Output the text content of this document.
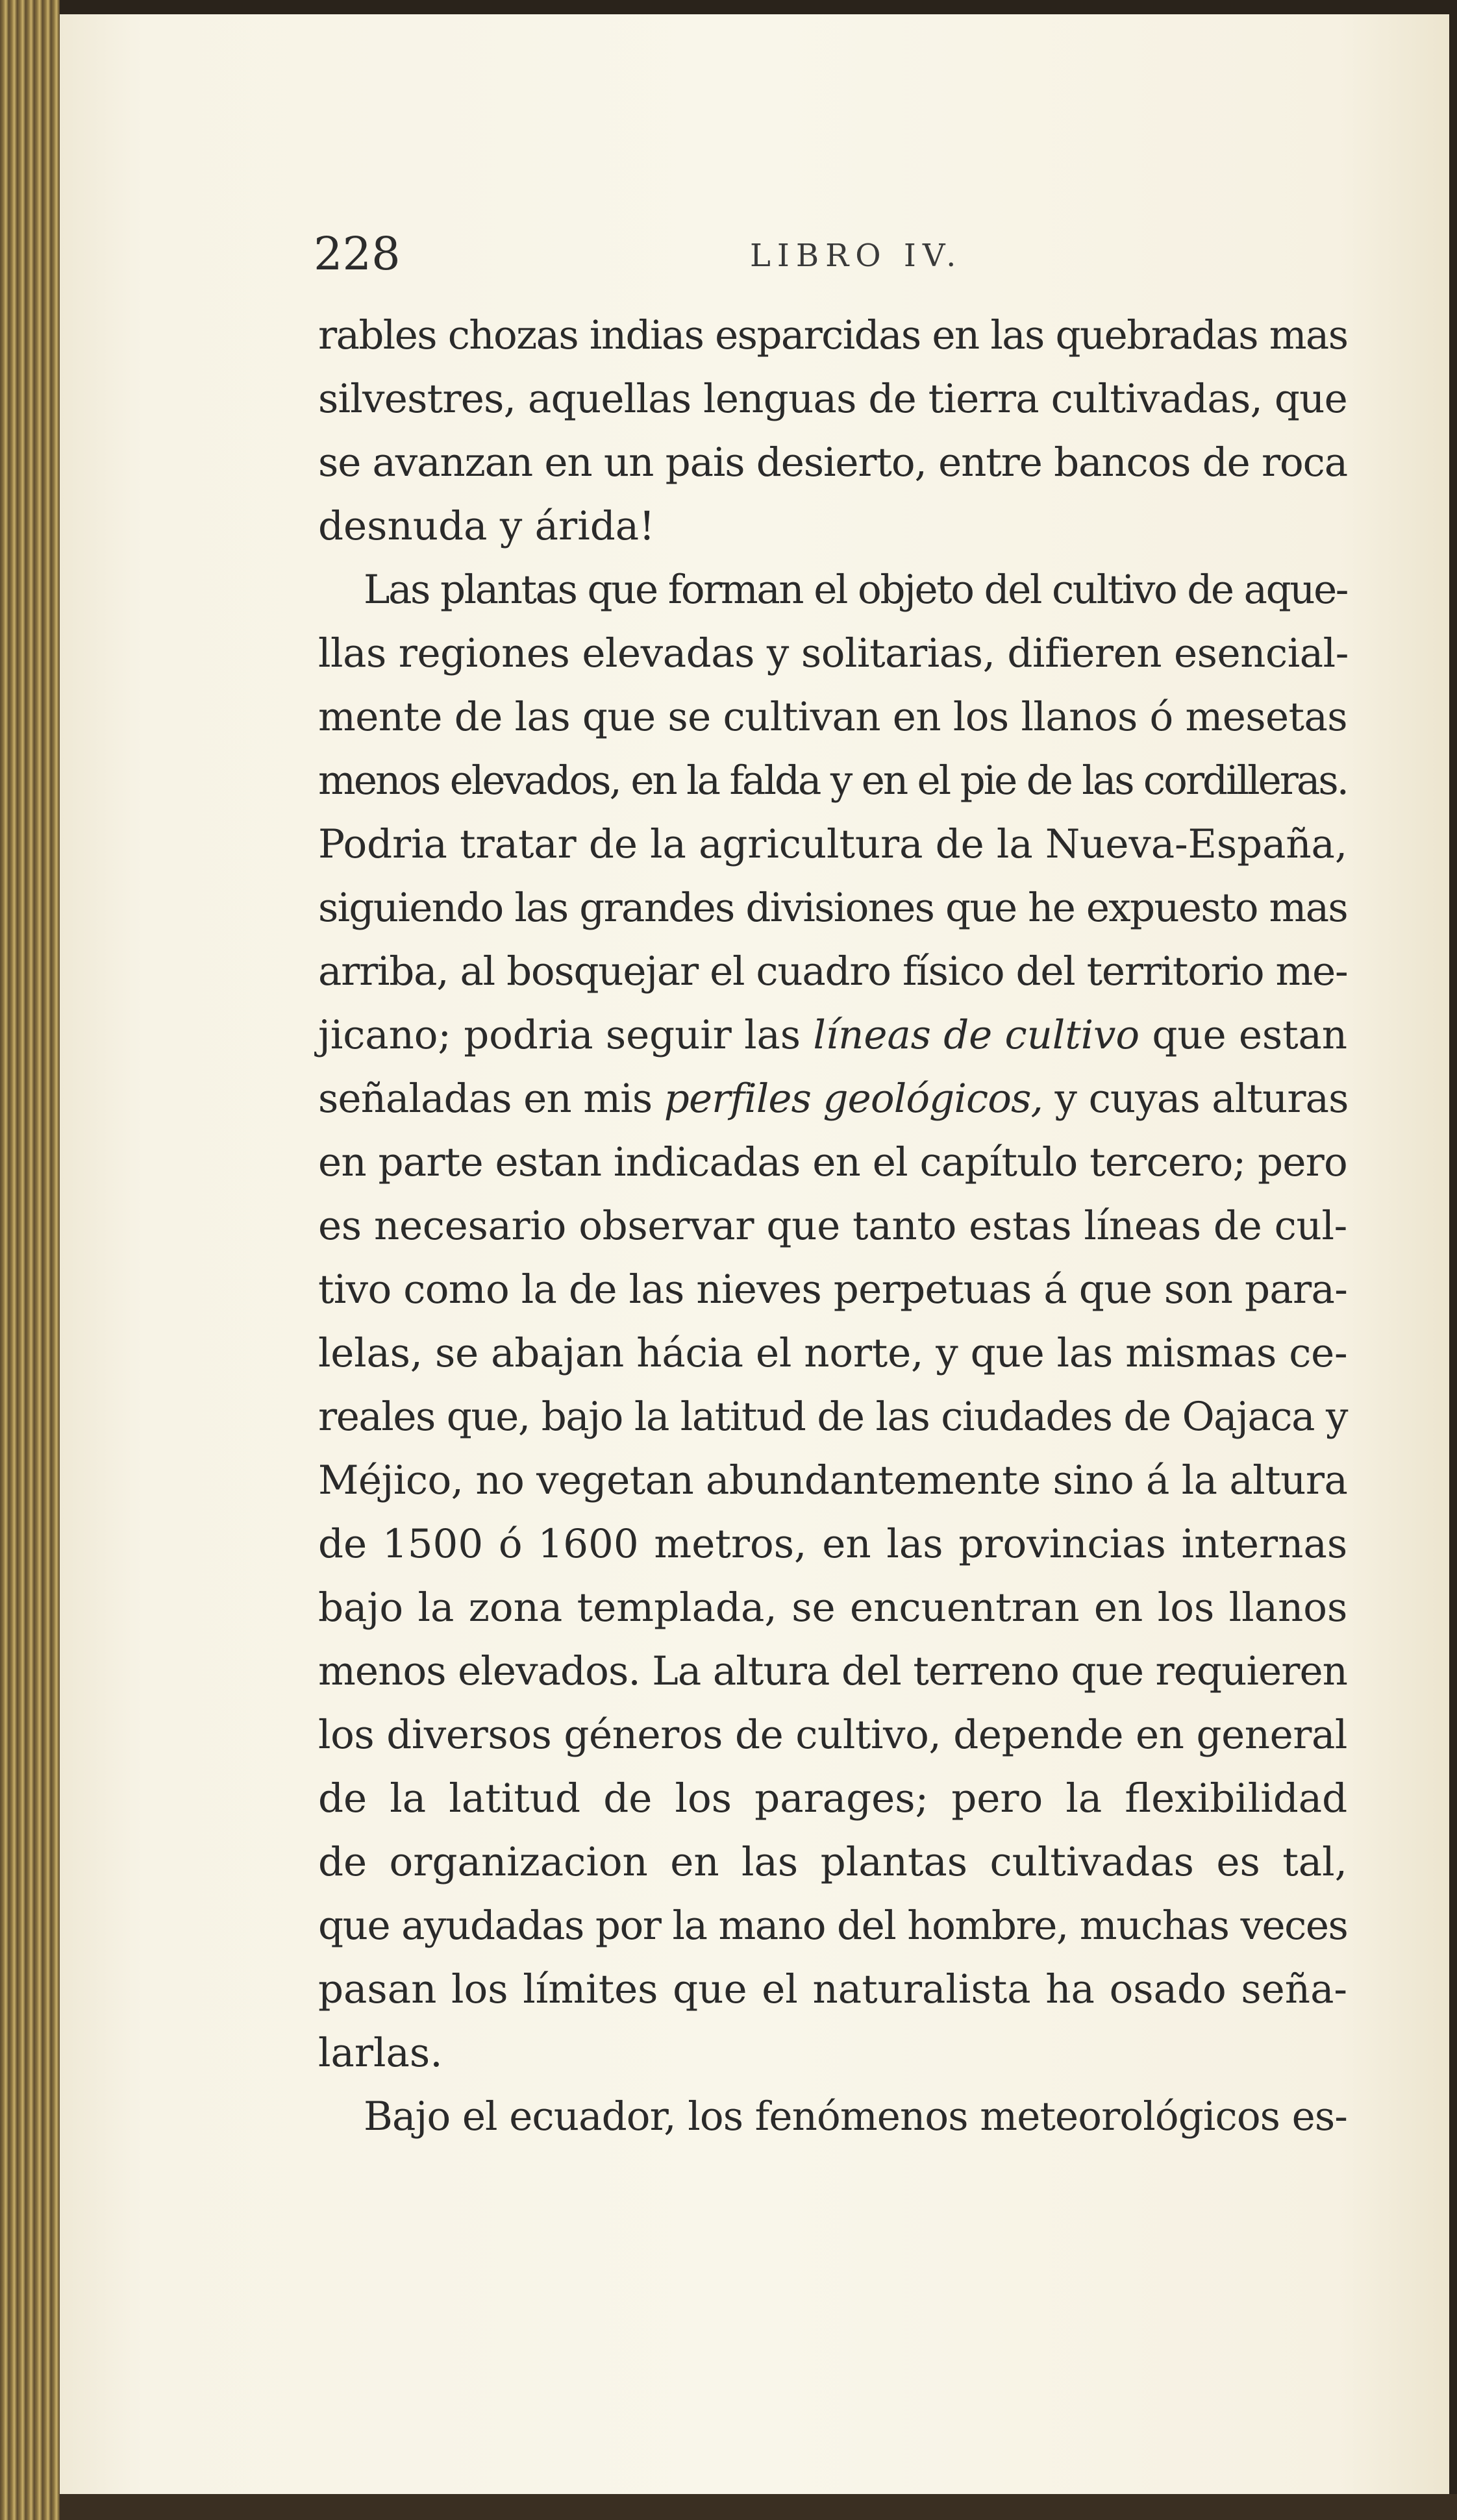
228	LIBRO IV.
rables chozas indias esparcidas en las quebradas mas
silvestres, aquellas lenguas de tierra cultivadas, que
se avanzan en un pais desierto, entre bancos de roca
desnuda y árida!
Las plantas que forman el objeto del cultivo de aque-
llas regiones elevadas y solitarias, difieren esencial-
mente de las que se cultivan en los llanos ó mesetas
menos elevados, en la falda y en el pie de las cordilleras.
Podria tratar de la agricultura de la Nueva-España,
siguiendo las grandes divisiones que he expuesto mas
arriba, al bosquejar el cuadro físico del territorio me-
jicano; podria seguir las líneas de cultivo que estan
señaladas en mis perfiles geológicos, y cuyas alturas
en parte estan indicadas en el capítulo tercero; pero
es necesario observar que tanto estas líneas de cul-
tivo como la de las nieves perpetuas á que son para-
lelas, se abajan hácia el norte, y que las mismas ce-
reales que, bajo la latitud de las ciudades de Oajaca y
Méjico, no vegetan abundantemente sino á la altura
de 1500 ó 1600 metros, en las provincias internas
bajo la zona templada, se encuentran en los llanos
menos elevados. La altura del terreno que requieren
los diversos géneros de cultivo, depende en general
de la latitud de los parages; pero la flexibilidad
de organizacion en las plantas cultivadas es tal,
que ayudadas por la mano del hombre, muchas veces
pasan los límites que el naturalista ha osado seña-
larlas.
Bajo el ecuador, los fenómenos meteorológicos es-
